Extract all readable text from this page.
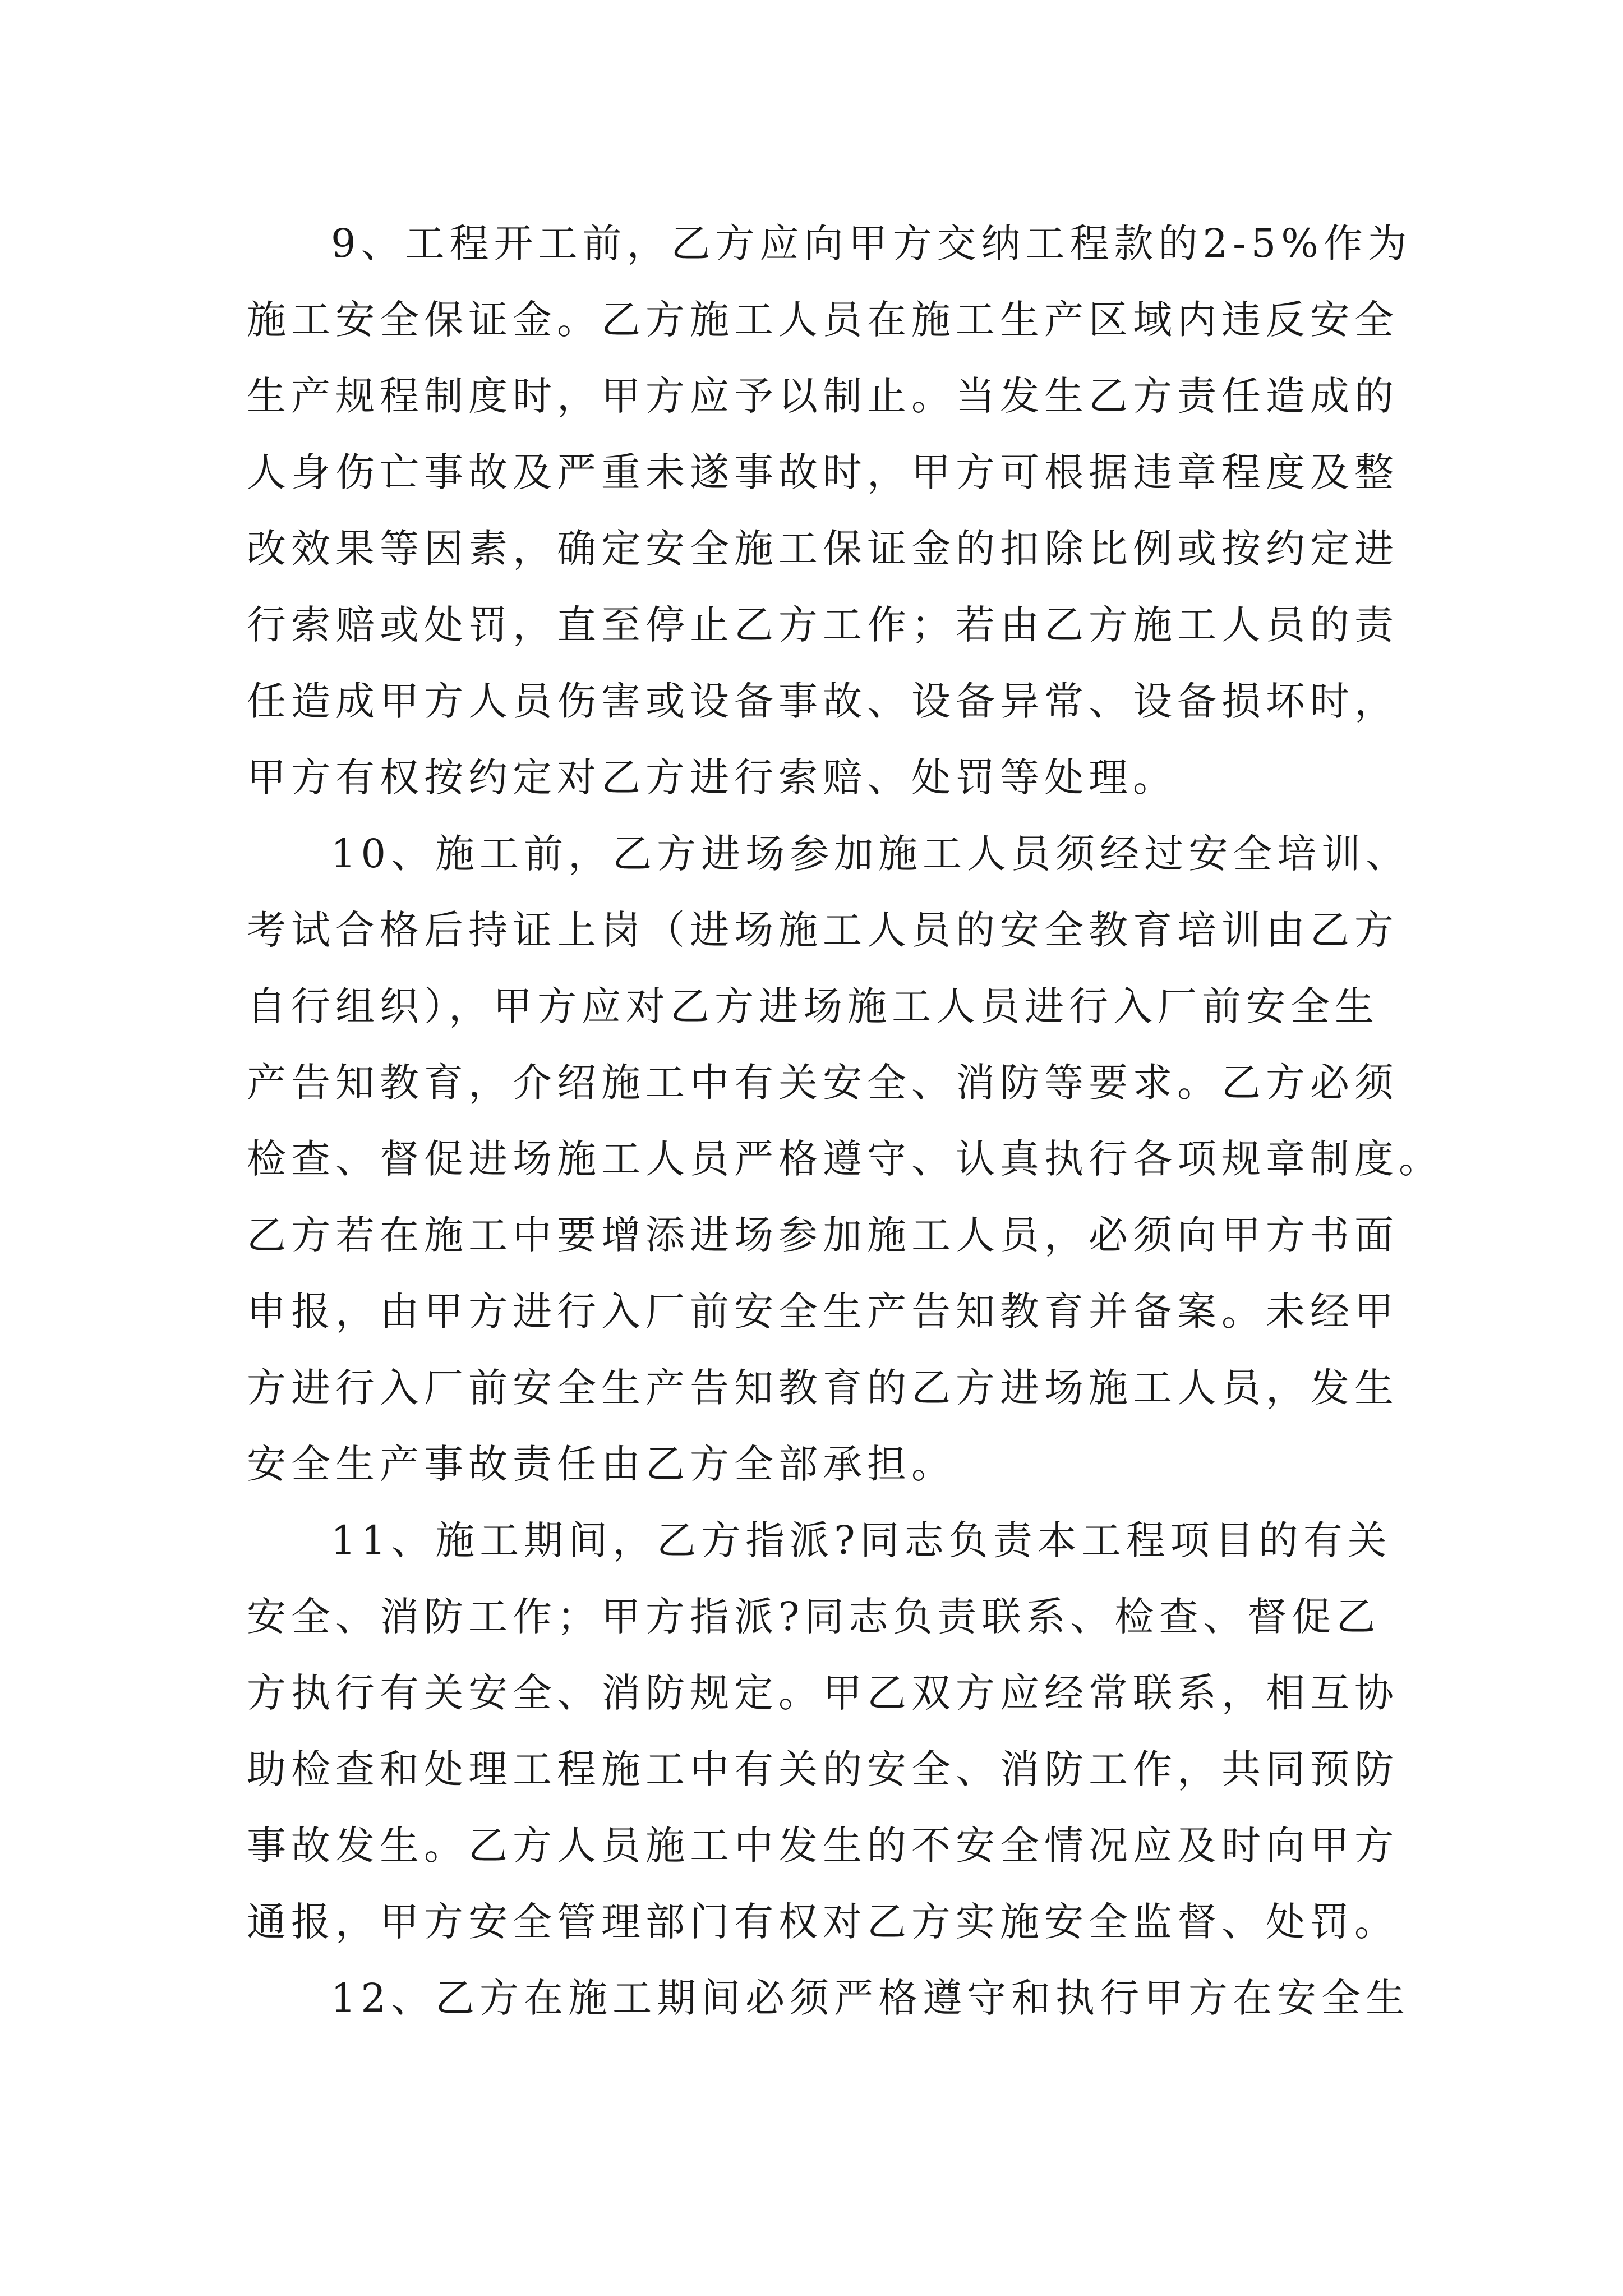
9、工程开工前，乙方应向甲方交纳工程款的2-5%作为
施工安全保证金。乙方施工人员在施工生产区域内违反安全
生产规程制度时，甲方应予以制止。当发生乙方责任造成的
人身伤亡事故及严重未遂事故时，甲方可根据违章程度及整
改效果等因素，确定安全施工保证金的扣除比例或按约定进
行索赔或处罚，直至停止乙方工作；若由乙方施工人员的责
任造成甲方人员伤害或设备事故、设备异常、设备损坏时，
甲方有权按约定对乙方进行索赔、处罚等处理。
10、施工前，乙方进场参加施工人员须经过安全培训、
考试合格后持证上岗（进场施工人员的安全教育培训由乙方
自行组织），甲方应对乙方进场施工人员进行入厂前安全生
产告知教育，介绍施工中有关安全、消防等要求。乙方必须
检查、督促进场施工人员严格遵守、认真执行各项规章制度。
乙方若在施工中要增添进场参加施工人员，必须向甲方书面
申报，由甲方进行入厂前安全生产告知教育并备案。未经甲
方进行入厂前安全生产告知教育的乙方进场施工人员，发生
安全生产事故责任由乙方全部承担。
11、施工期间，乙方指派?同志负责本工程项目的有关
安全、消防工作；甲方指派?同志负责联系、检查、督促乙
方执行有关安全、消防规定。甲乙双方应经常联系，相互协
助检查和处理工程施工中有关的安全、消防工作，共同预防
事故发生。乙方人员施工中发生的不安全情况应及时向甲方
通报，甲方安全管理部门有权对乙方实施安全监督、处罚。
12、乙方在施工期间必须严格遵守和执行甲方在安全生
